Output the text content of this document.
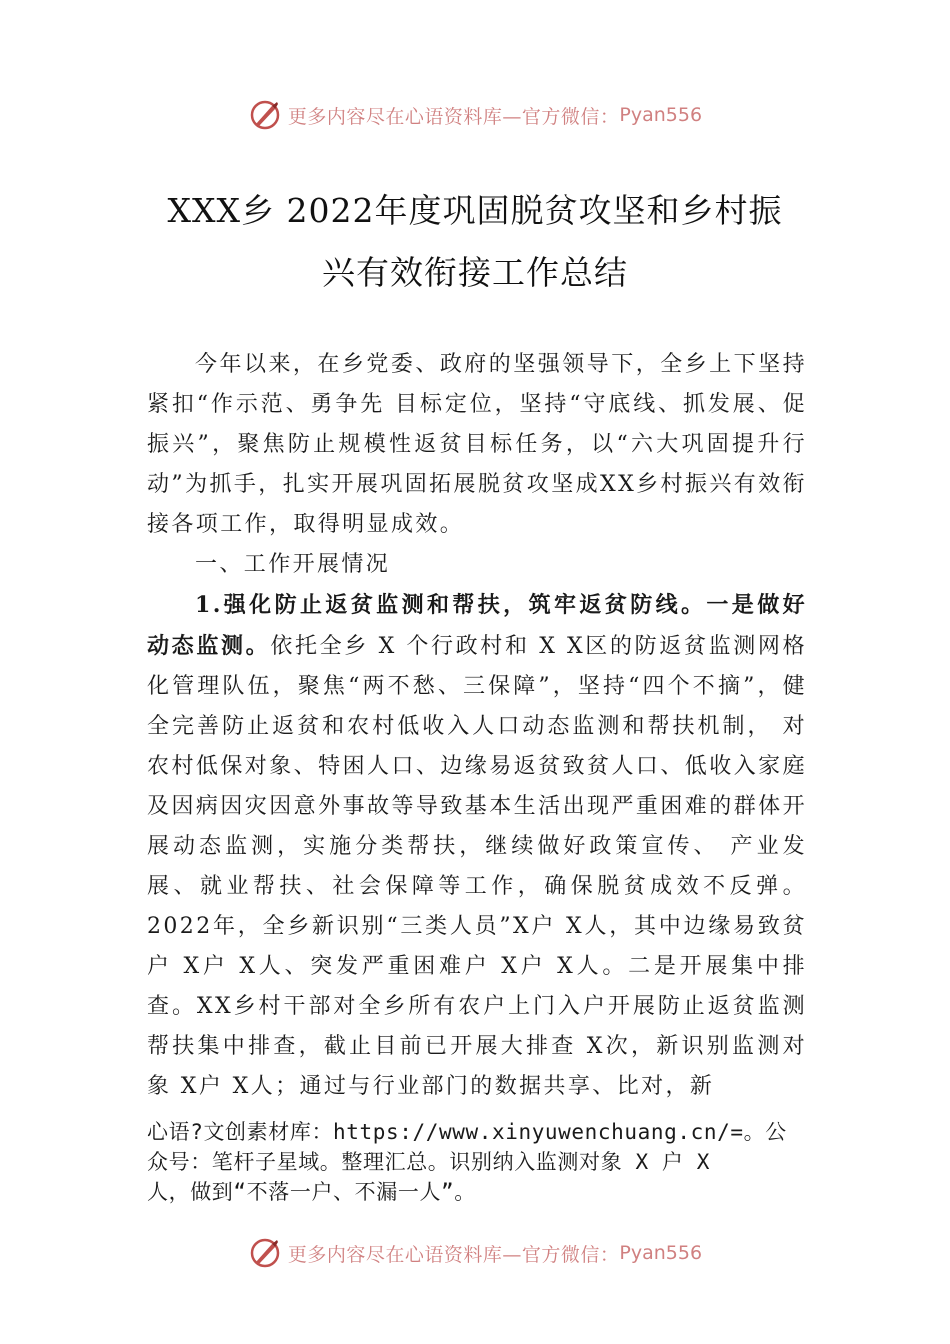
更多内容尽在心语资料库—官方微信： Pyan556
XXX乡 2022年度巩固脱贫攻坚和乡村振
兴有效衔接工作总结

今年以来，在乡党委、政府的坚强领导下，全乡上下坚持紧扣“作示范、勇争先 目标定位，坚持“守底线、抓发展、促振兴”，聚焦防止规模性返贫目标任务，以“六大巩固提升行动”为抓手，扎实开展巩固拓展脱贫攻坚成XX乡村振兴有效衔接各项工作，取得明显成效。

一、工作开展情况

1.强化防止返贫监测和帮扶，筑牢返贫防线。一是做好动态监测。依托全乡 X 个行政村和 X X区的防返贫监测网格化管理队伍，聚焦“两不愁、三保障”，坚持“四个不摘”，健全完善防止返贫和农村低收入人口动态监测和帮扶机制， 对农村低保对象、特困人口、边缘易返贫致贫人口、低收入家庭及因病因灾因意外事故等导致基本生活出现严重困难的群体开展动态监测，实施分类帮扶，继续做好政策宣传、 产业发展、就业帮扶、社会保障等工作，确保脱贫成效不反弹。2022年，全乡新识别“三类人员”X户 X人，其中边缘易致贫户 X户 X人、突发严重困难户 X户 X人。二是开展集中排查。XX乡村干部对全乡所有农户上门入户开展防止返贫监测帮扶集中排查，截止目前已开展大排查 X次，新识别监测对象 X户 X人；通过与行业部门的数据共享、比对，新

心语?文创素材库：https://www.xinyuwenchuang.cn/=。公

众号：笔杆子星域。整理汇总。识别纳入监测对象 X 户 X

人，做到“不落一户、不漏一人”。

更多内容尽在心语资料库—官方微信： Pyan556
